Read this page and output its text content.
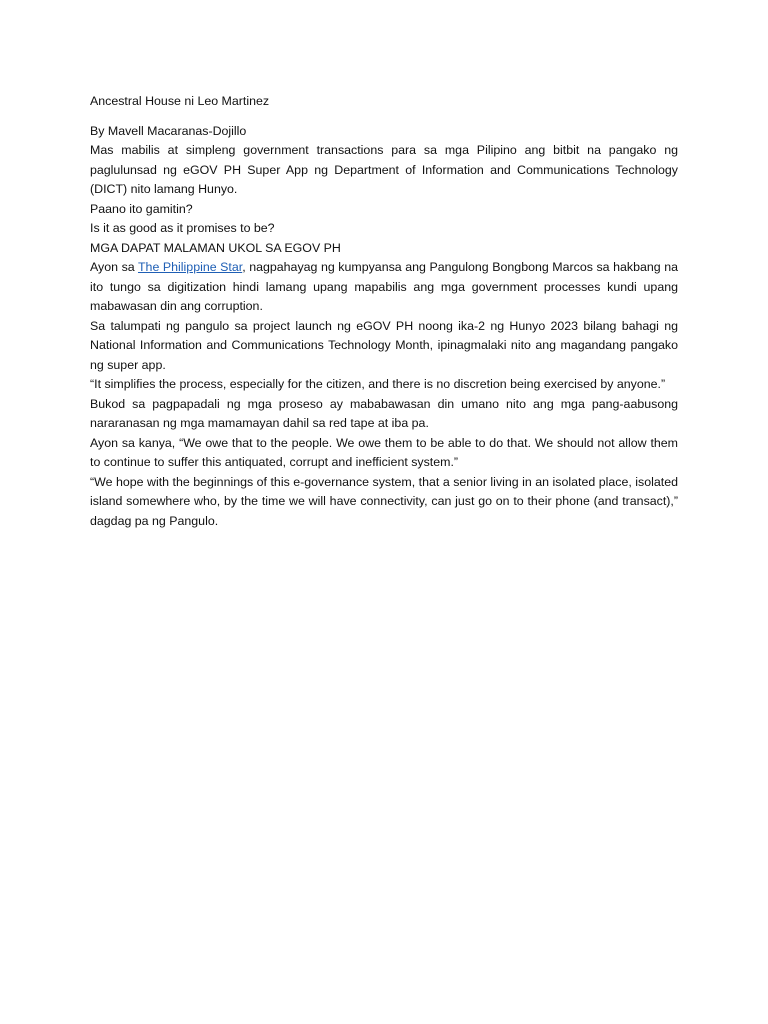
Ancestral House ni Leo Martinez

By Mavell Macaranas-Dojillo

Mas mabilis at simpleng government transactions para sa mga Pilipino ang bitbit na pangako ng paglulunsad ng eGOV PH Super App ng Department of Information and Communications Technology (DICT) nito lamang Hunyo.

Paano ito gamitin?

Is it as good as it promises to be?

MGA DAPAT MALAMAN UKOL SA EGOV PH

Ayon sa The Philippine Star, nagpahayag ng kumpyansa ang Pangulong Bongbong Marcos sa hakbang na ito tungo sa digitization hindi lamang upang mapabilis ang mga government processes kundi upang mabawasan din ang corruption.

Sa talumpati ng pangulo sa project launch ng eGOV PH noong ika-2 ng Hunyo 2023 bilang bahagi ng National Information and Communications Technology Month, ipinagmalaki nito ang magandang pangako ng super app.

“It simplifies the process, especially for the citizen, and there is no discretion being exercised by anyone.”

Bukod sa pagpapadali ng mga proseso ay mababawasan din umano nito ang mga pang-aabusong nararanasan ng mga mamamayan dahil sa red tape at iba pa.

Ayon sa kanya, “We owe that to the people. We owe them to be able to do that. We should not allow them to continue to suffer this antiquated, corrupt and inefficient system.”

“We hope with the beginnings of this e-governance system, that a senior living in an isolated place, isolated island somewhere who, by the time we will have connectivity, can just go on to their phone (and transact),” dagdag pa ng Pangulo.
